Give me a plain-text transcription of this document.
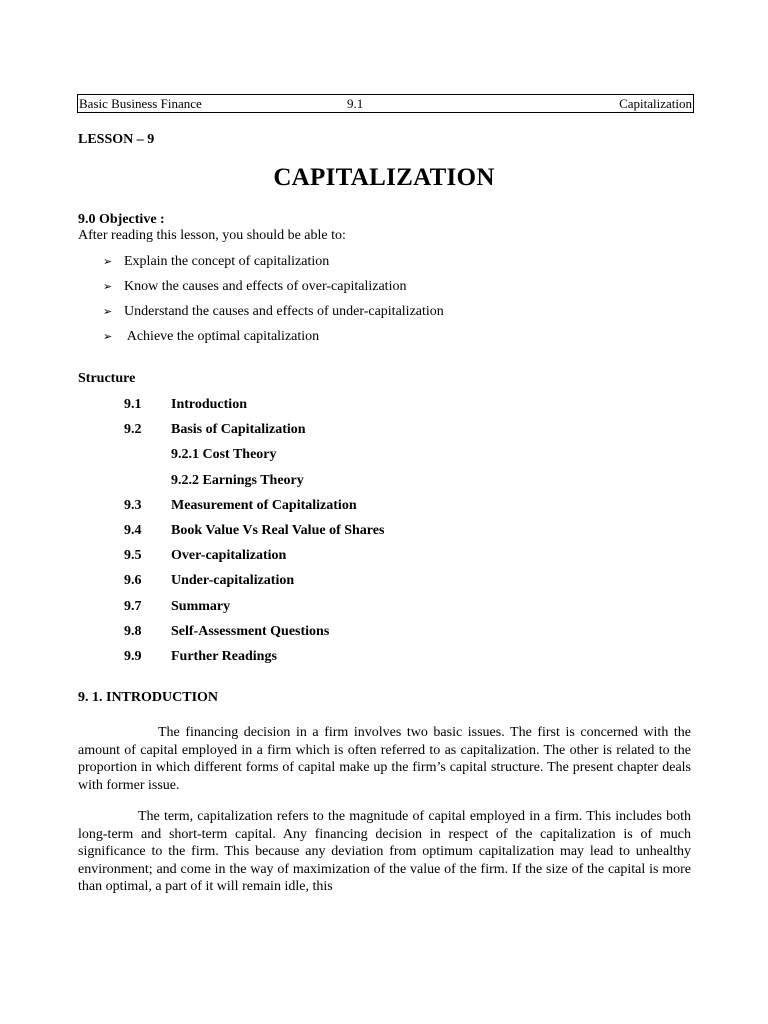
Basic Business Finance	9.1	Capitalization
LESSON – 9
CAPITALIZATION
9.0 Objective :
After reading this lesson, you should be able to:
➢ Explain the concept of capitalization
➢ Know the causes and effects of over-capitalization
➢ Understand the causes and effects of under-capitalization
➢ Achieve the optimal capitalization
Structure
9.1 Introduction
9.2 Basis of Capitalization
9.2.1 Cost Theory
9.2.2 Earnings Theory
9.3 Measurement of Capitalization
9.4 Book Value Vs Real Value of Shares
9.5 Over-capitalization
9.6 Under-capitalization
9.7 Summary
9.8 Self-Assessment Questions
9.9 Further Readings
9. 1. INTRODUCTION

The financing decision in a firm involves two basic issues. The first is concerned with the amount of capital employed in a firm which is often referred to as capitalization. The other is related to the proportion in which different forms of capital make up the firm’s capital structure. The present chapter deals with former issue.

The term, capitalization refers to the magnitude of capital employed in a firm. This includes both long-term and short-term capital. Any financing decision in respect of the capitalization is of much significance to the firm. This because any deviation from optimum capitalization may lead to unhealthy environment; and come in the way of maximization of the value of the firm. If the size of the capital is more than optimal, a part of it will remain idle, this
